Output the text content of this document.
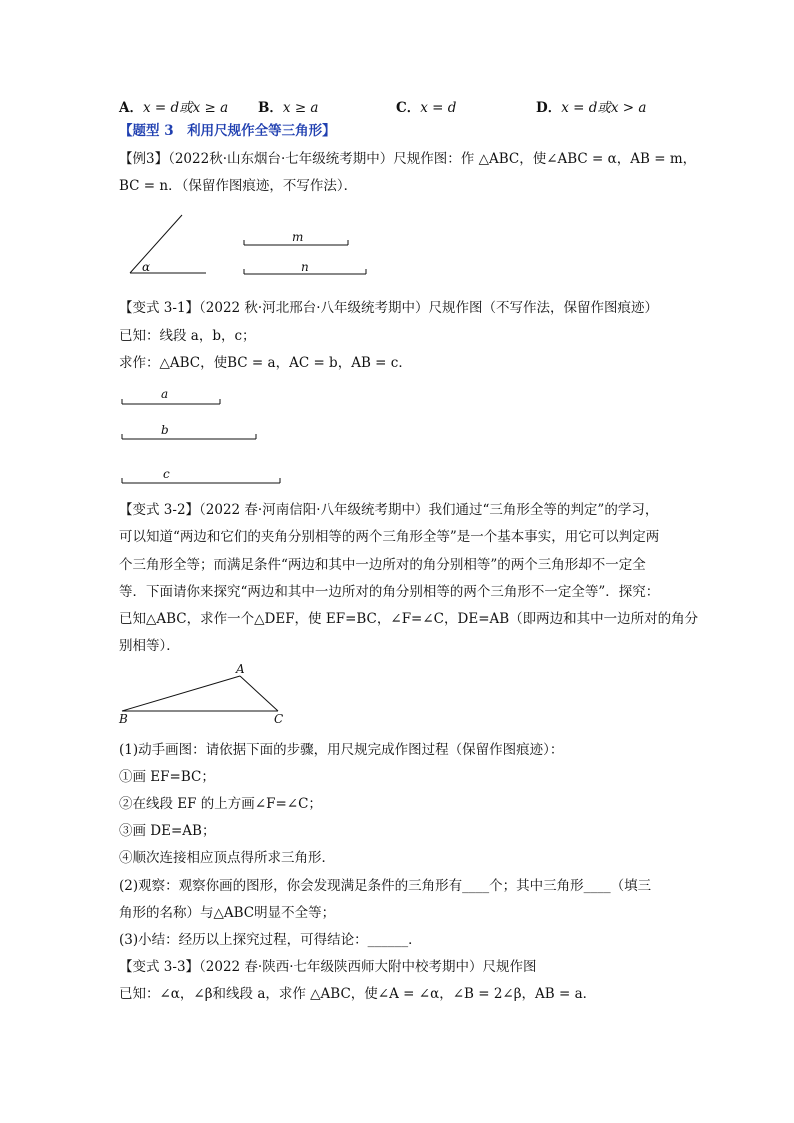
A．x = d或x ≥ a B．x ≥ a	C．x = d	D．x = d或x > a
【题型 3　利用尺规作全等三角形】
【例3】（2022秋·山东烟台·七年级统考期中）尺规作图：作 △ABC，使∠ABC = α，AB = m，
BC = n．（保留作图痕迹，不写作法）．
α
m
n
【变式 3-1】（2022 秋·河北邢台·八年级统考期中）尺规作图（不写作法，保留作图痕迹）
已知：线段 a，b，c；
求作：△ABC，使BC = a，AC = b，AB = c．
a
b
c
【变式 3-2】（2022 春·河南信阳·八年级统考期中）我们通过“三角形全等的判定”的学习，
可以知道“两边和它们的夹角分别相等的两个三角形全等”是一个基本事实，用它可以判定两
个三角形全等；而满足条件“两边和其中一边所对的角分别相等”的两个三角形却不一定全
等．下面请你来探究“两边和其中一边所对的角分别相等的两个三角形不一定全等”．探究：
已知△ABC，求作一个△DEF，使 EF=BC，∠F=∠C，DE=AB（即两边和其中一边所对的角分
别相等）．
A
B	C
(1)动手画图：请依据下面的步骤，用尺规完成作图过程（保留作图痕迹）：
①画 EF=BC；
②在线段 EF 的上方画∠F=∠C；
③画 DE=AB；
④顺次连接相应顶点得所求三角形．
(2)观察：观察你画的图形，你会发现满足条件的三角形有____个；其中三角形____（填三
角形的名称）与△ABC明显不全等；
(3)小结：经历以上探究过程，可得结论：______．
【变式 3-3】（2022 春·陕西·七年级陕西师大附中校考期中）尺规作图
已知：∠α，∠β和线段 a，求作 △ABC，使∠A = ∠α，∠B = 2∠β，AB = a．
